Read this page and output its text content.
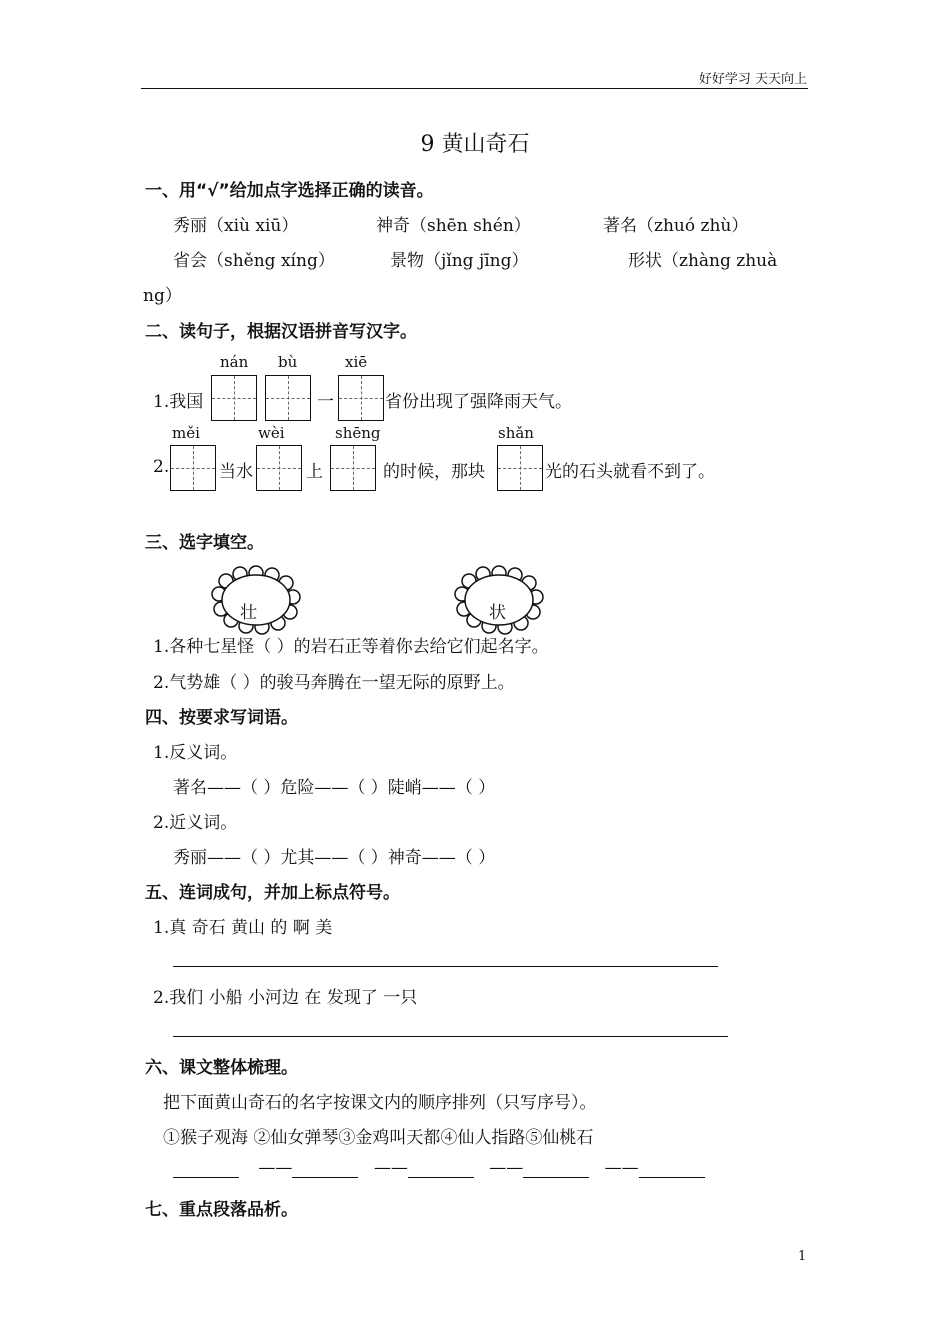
好好学习 天天向上
9 黄山奇石
一、用“√”给加点字选择正确的读音。
秀丽（xiù xiū）	神奇（shēn shén）	著名（zhuó zhù）
省会（shěng xíng）	景物（jǐng jīng）	形状（zhàng zhuà
ng）
二、读句子，根据汉语拼音写汉字。
nán bù	xiē
1.我国	一	省份出现了强降雨天气。
měi	wèi	shēng	shǎn
2.	当水	上	的时候，那块	光的石头就看不到了。
三、选字填空。
壮	状
1.各种七星怪（ ）的岩石正等着你去给它们起名字。
2.气势雄（ ）的骏马奔腾在一望无际的原野上。
四、按要求写词语。
1.反义词。
著名——（ ）危险——（ ）陡峭——（ ）
2.近义词。
秀丽——（ ）尤其——（ ）神奇——（ ）
五、连词成句，并加上标点符号。
1.真 奇石 黄山 的 啊 美
2.我们 小船 小河边 在 发现了 一只
六、课文整体梳理。
把下面黄山奇石的名字按课文内的顺序排列（只写序号）。
①猴子观海 ②仙女弹琴③金鸡叫天都④仙人指路⑤仙桃石
——	——	——	——
七、重点段落品析。
1
